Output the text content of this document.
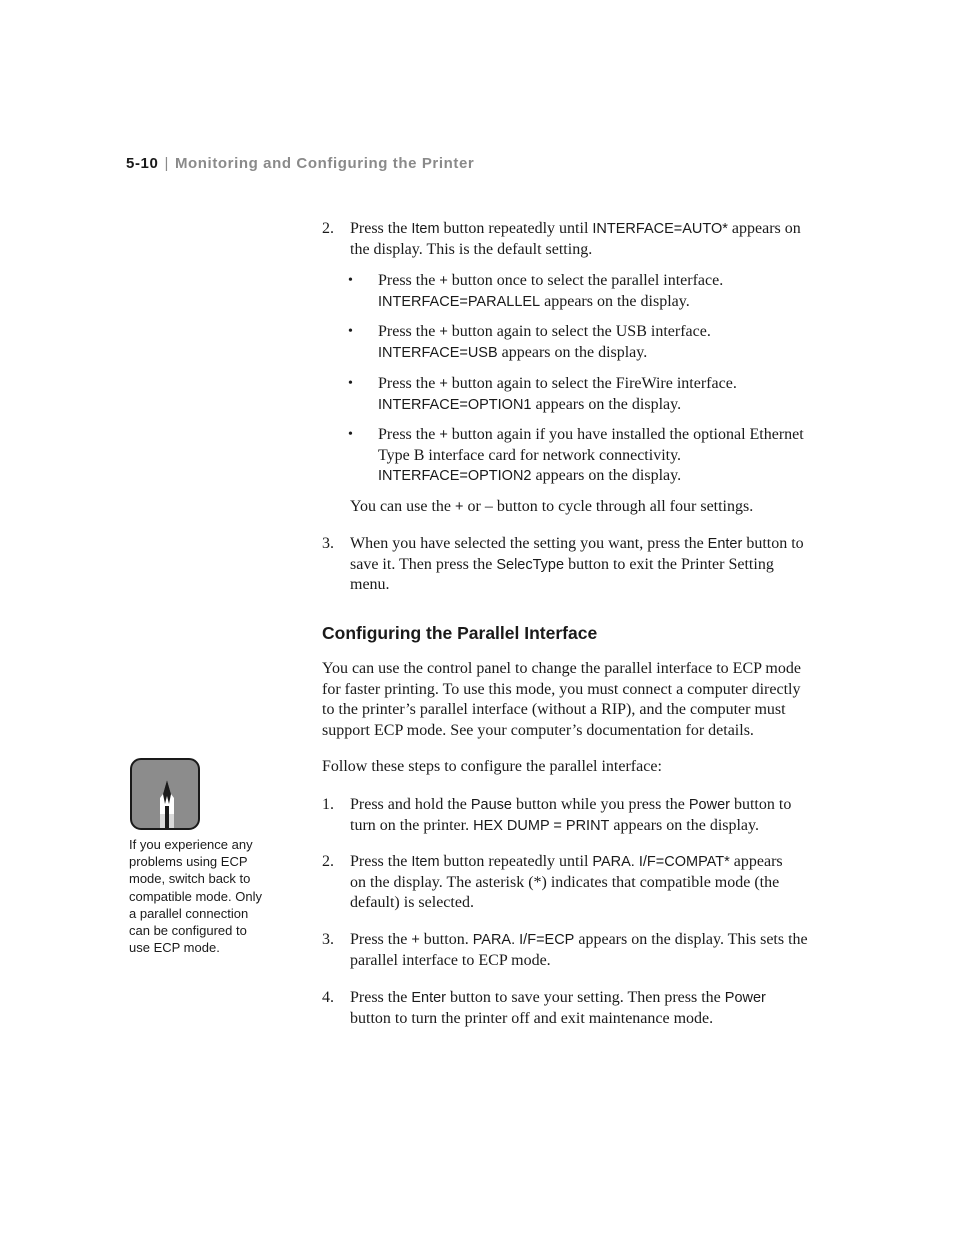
5-10 | Monitoring and Configuring the Printer
2. Press the Item button repeatedly until INTERFACE=AUTO* appears on
the display. This is the default setting.

• Press the + button once to select the parallel interface.
INTERFACE=PARALLEL appears on the display.

• Press the + button again to select the USB interface.
INTERFACE=USB appears on the display.

• Press the + button again to select the FireWire interface.
INTERFACE=OPTION1 appears on the display.

• Press the + button again if you have installed the optional Ethernet
Type B interface card for network connectivity.
INTERFACE=OPTION2 appears on the display.

You can use the + or – button to cycle through all four settings.

3. When you have selected the setting you want, press the Enter button to
save it. Then press the SelecType button to exit the Printer Setting
menu.

Configuring the Parallel Interface

You can use the control panel to change the parallel interface to ECP mode
for faster printing. To use this mode, you must connect a computer directly
to the printer’s parallel interface (without a RIP), and the computer must
support ECP mode. See your computer’s documentation for details.

Follow these steps to configure the parallel interface:

1. Press and hold the Pause button while you press the Power button to
turn on the printer. HEX DUMP = PRINT appears on the display.

2. Press the Item button repeatedly until PARA. I/F=COMPAT* appears
on the display. The asterisk (*) indicates that compatible mode (the
default) is selected.

3. Press the + button. PARA. I/F=ECP appears on the display. This sets the
parallel interface to ECP mode.

4. Press the Enter button to save your setting. Then press the Power
button to turn the printer off and exit maintenance mode.

If you experience any
problems using ECP
mode, switch back to
compatible mode. Only
a parallel connection
can be configured to
use ECP mode.
